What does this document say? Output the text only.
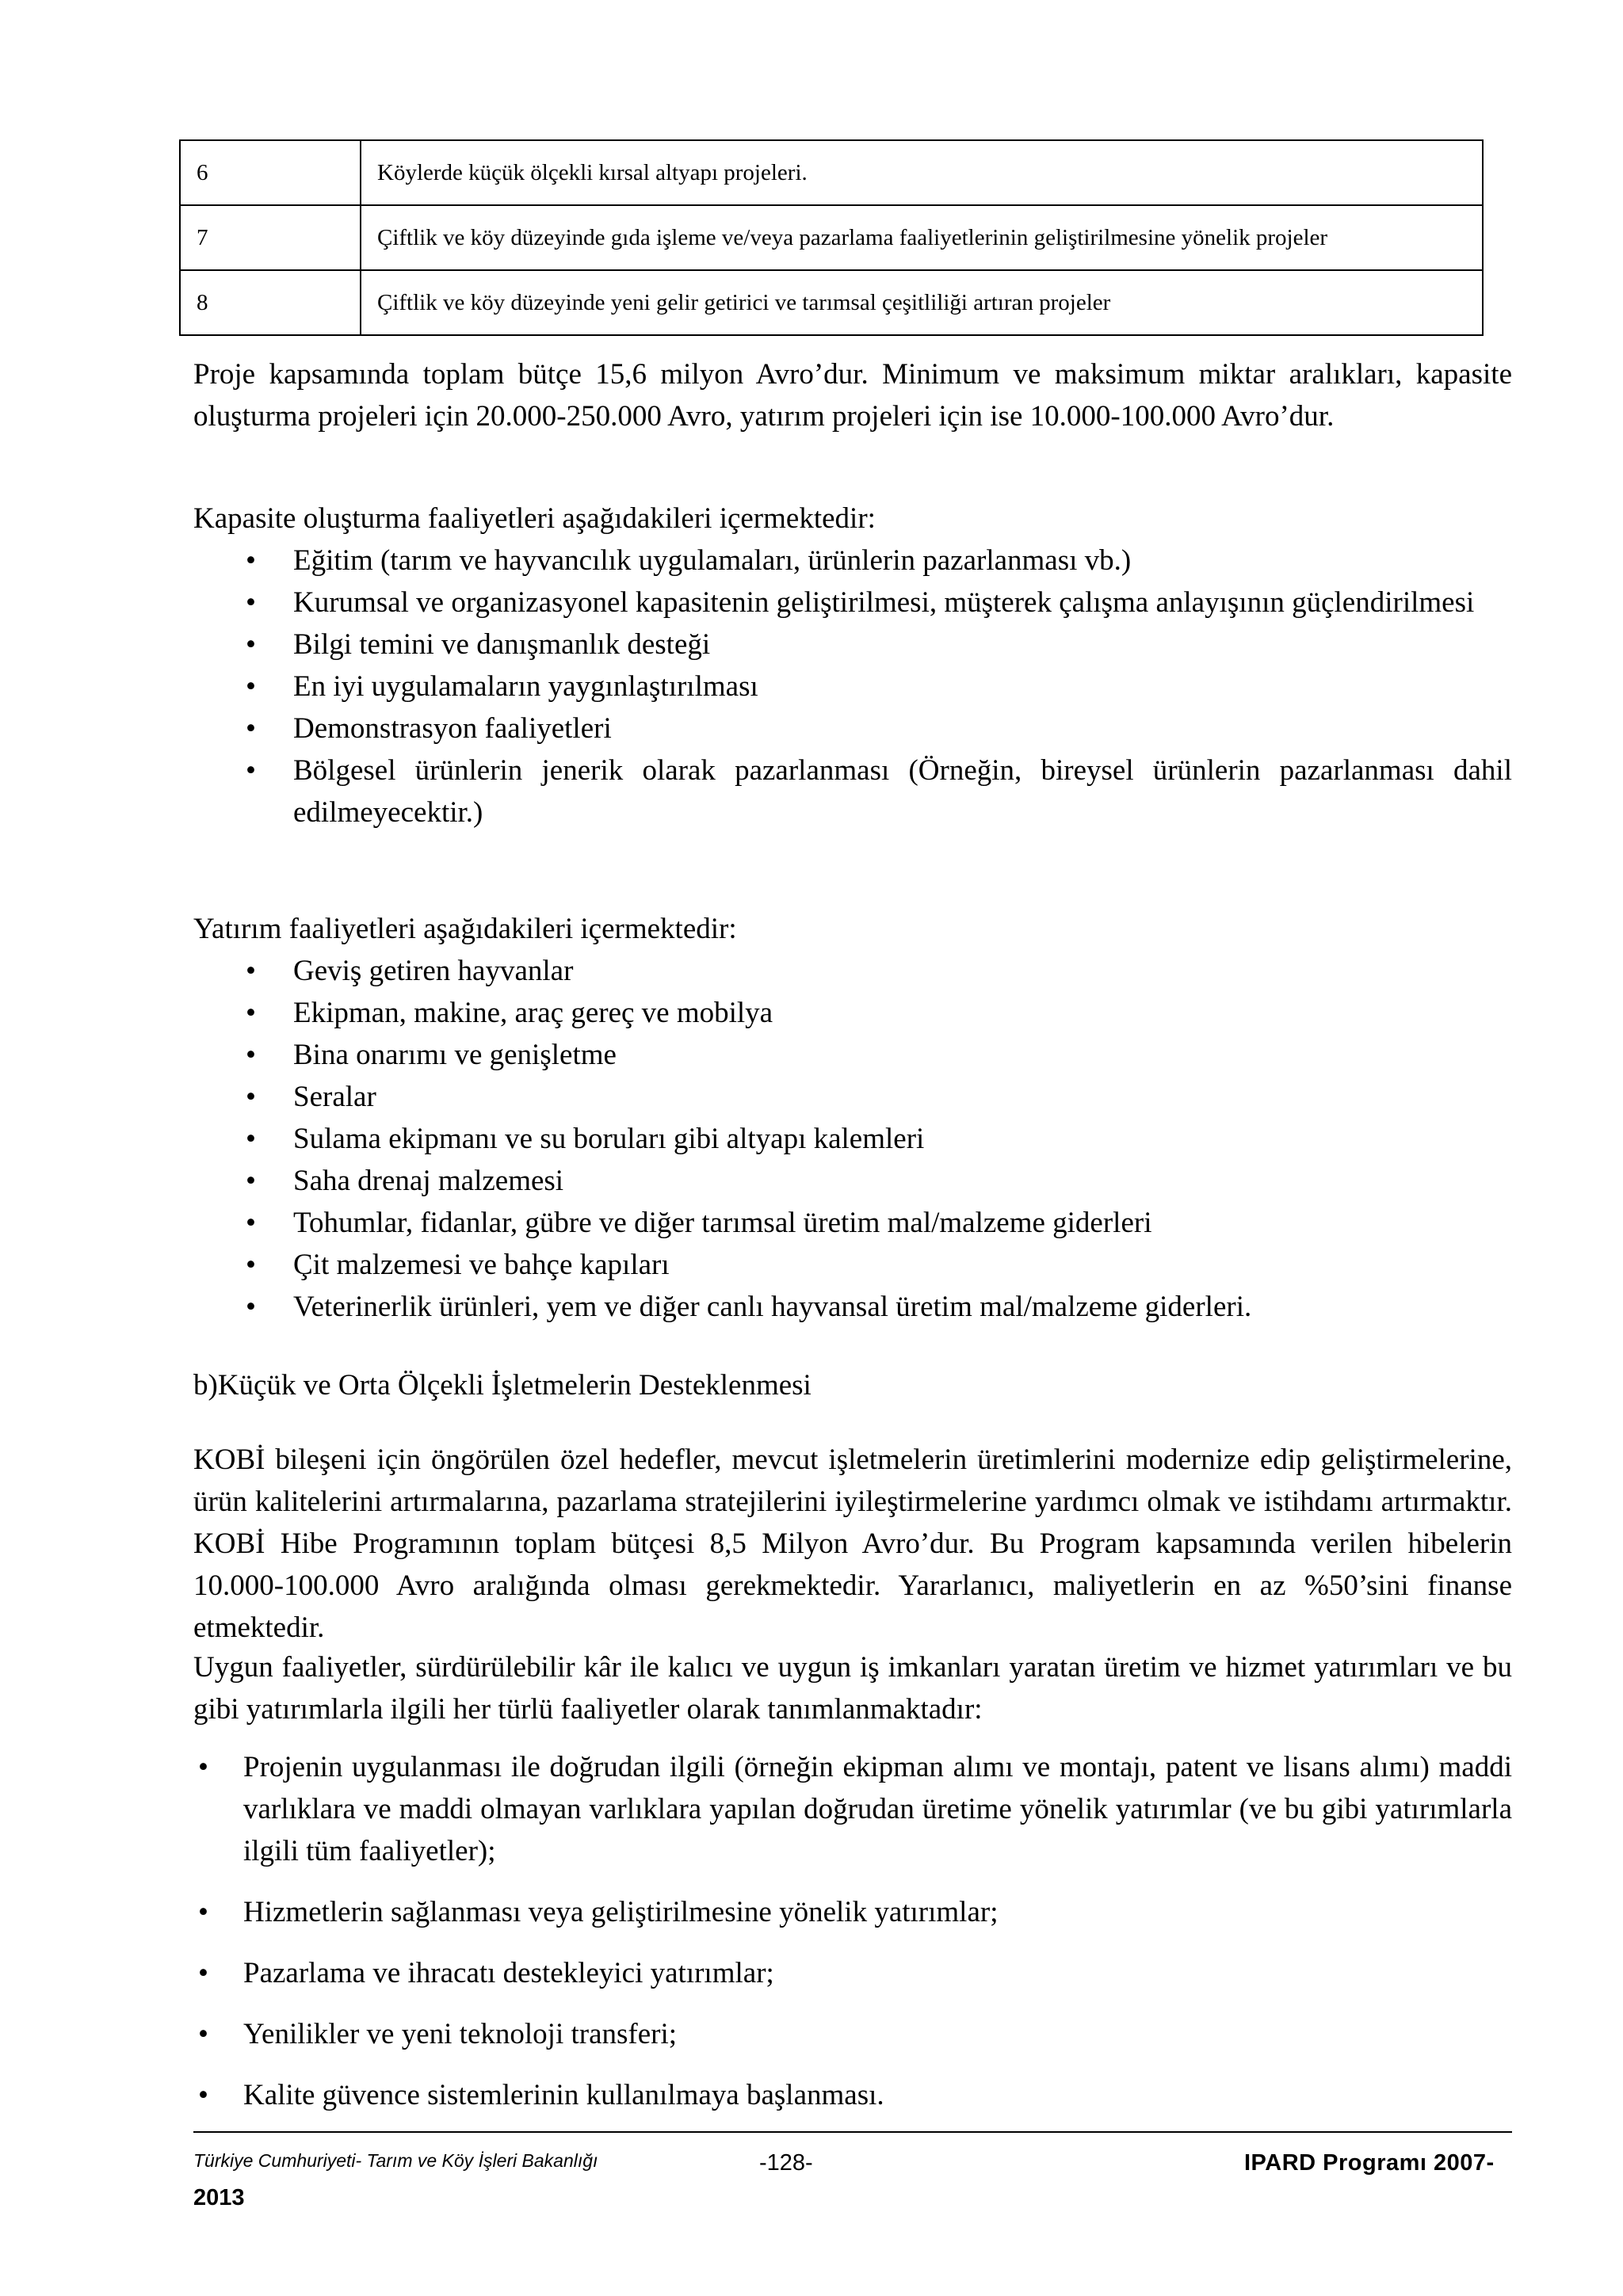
6	Köylerde küçük ölçekli kırsal altyapı projeleri.
7	Çiftlik ve köy düzeyinde gıda işleme ve/veya pazarlama faaliyetlerinin geliştirilmesine yönelik projeler
8	Çiftlik ve köy düzeyinde yeni gelir getirici ve tarımsal çeşitliliği artıran projeler

Proje kapsamında toplam bütçe 15,6 milyon Avro’dur. Minimum ve maksimum miktar aralıkları, kapasite oluşturma projeleri için 20.000-250.000 Avro, yatırım projeleri için ise 10.000-100.000 Avro’dur.

Kapasite oluşturma faaliyetleri aşağıdakileri içermektedir:

• Eğitim (tarım ve hayvancılık uygulamaları, ürünlerin pazarlanması vb.)
• Kurumsal ve organizasyonel kapasitenin geliştirilmesi, müşterek çalışma anlayışının güçlendirilmesi
• Bilgi temini ve danışmanlık desteği
• En iyi uygulamaların yaygınlaştırılması
• Demonstrasyon faaliyetleri
• Bölgesel ürünlerin jenerik olarak pazarlanması (Örneğin, bireysel ürünlerin pazarlanması dahil edilmeyecektir.)

Yatırım faaliyetleri aşağıdakileri içermektedir:

• Geviş getiren hayvanlar
• Ekipman, makine, araç gereç ve mobilya
• Bina onarımı ve genişletme
• Seralar
• Sulama ekipmanı ve su boruları gibi altyapı kalemleri
• Saha drenaj malzemesi
• Tohumlar, fidanlar, gübre ve diğer tarımsal üretim mal/malzeme giderleri
• Çit malzemesi ve bahçe kapıları
• Veterinerlik ürünleri, yem ve diğer canlı hayvansal üretim mal/malzeme giderleri.

b)Küçük ve Orta Ölçekli İşletmelerin Desteklenmesi

KOBİ bileşeni için öngörülen özel hedefler, mevcut işletmelerin üretimlerini modernize edip geliştirmelerine, ürün kalitelerini artırmalarına, pazarlama stratejilerini iyileştirmelerine yardımcı olmak ve istihdamı artırmaktır. KOBİ Hibe Programının toplam bütçesi 8,5 Milyon Avro’dur. Bu Program kapsamında verilen hibelerin 10.000-100.000 Avro aralığında olması gerekmektedir. Yararlanıcı, maliyetlerin en az %50’sini finanse etmektedir.

Uygun faaliyetler, sürdürülebilir kâr ile kalıcı ve uygun iş imkanları yaratan üretim ve hizmet yatırımları ve bu gibi yatırımlarla ilgili her türlü faaliyetler olarak tanımlanmaktadır:

• Projenin uygulanması ile doğrudan ilgili (örneğin ekipman alımı ve montajı, patent ve lisans alımı) maddi varlıklara ve maddi olmayan varlıklara yapılan doğrudan üretime yönelik yatırımlar (ve bu gibi yatırımlarla ilgili tüm faaliyetler);
• Hizmetlerin sağlanması veya geliştirilmesine yönelik yatırımlar;
• Pazarlama ve ihracatı destekleyici yatırımlar;
• Yenilikler ve yeni teknoloji transferi;
• Kalite güvence sistemlerinin kullanılmaya başlanması.
Türkiye Cumhuriyeti- Tarım ve Köy İşleri Bakanlığı	-128-	IPARD Programı 2007-
2013
